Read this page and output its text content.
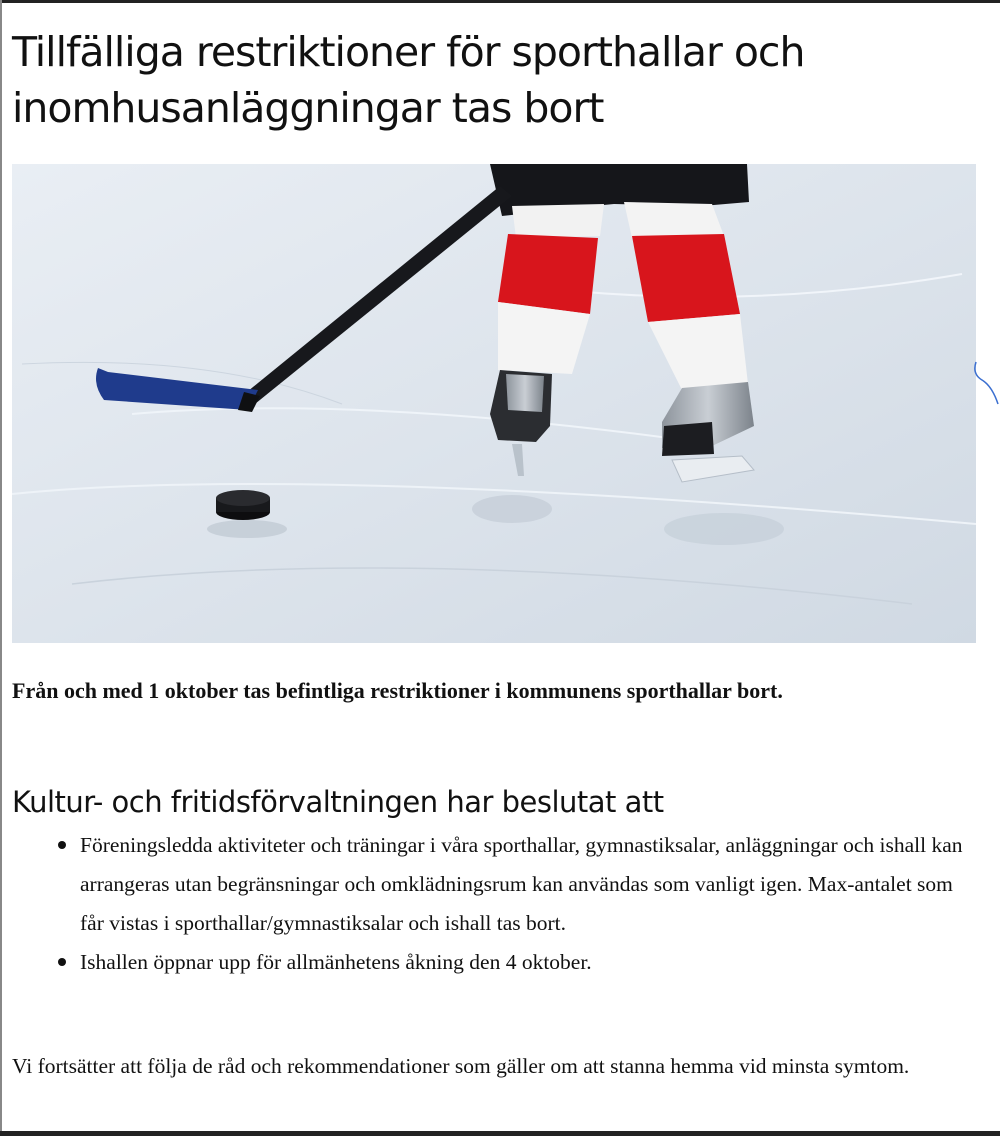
Tillfälliga restriktioner för sporthallar och inomhusanläggningar tas bort

Från och med 1 oktober tas befintliga restriktioner i kommunens sporthallar bort.

Kultur- och fritidsförvaltningen har beslutat att
Föreningsledda aktiviteter och träningar i våra sporthallar, gymnastiksalar, anläggningar och ishall kan arrangeras utan begränsningar och omklädningsrum kan användas som vanligt igen. Max-antalet som får vistas i sporthallar/gymnastiksalar och ishall tas bort.
Ishallen öppnar upp för allmänhetens åkning den 4 oktober.

Vi fortsätter att följa de råd och rekommendationer som gäller om att stanna hemma vid minsta symtom.
